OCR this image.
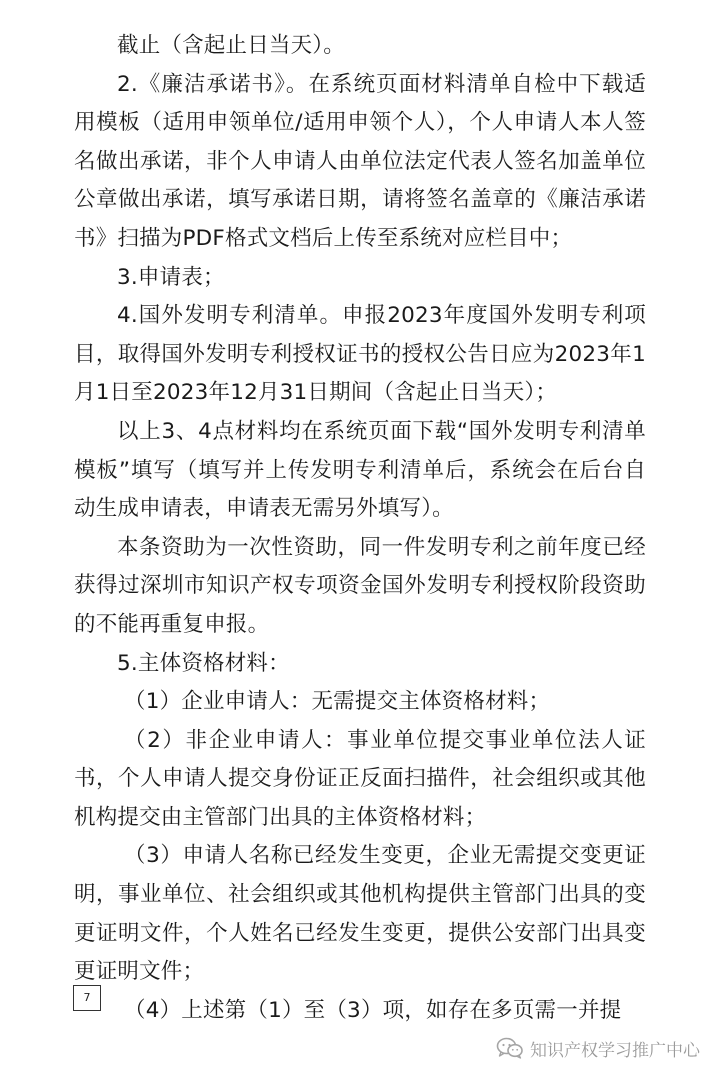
截止（含起止日当天）。

2.《廉洁承诺书》。在系统页面材料清单自检中下载适用模板（适用申领单位/适用申领个人），个人申请人本人签名做出承诺，非个人申请人由单位法定代表人签名加盖单位公章做出承诺，填写承诺日期，请将签名盖章的《廉洁承诺书》扫描为PDF格式文档后上传至系统对应栏目中；

3.申请表；

4.国外发明专利清单。申报2023年度国外发明专利项目，取得国外发明专利授权证书的授权公告日应为2023年1月1日至2023年12月31日期间（含起止日当天）；

以上3、4点材料均在系统页面下载“国外发明专利清单模板”填写（填写并上传发明专利清单后，系统会在后台自动生成申请表，申请表无需另外填写）。

本条资助为一次性资助，同一件发明专利之前年度已经获得过深圳市知识产权专项资金国外发明专利授权阶段资助的不能再重复申报。

5.主体资格材料：

（1）企业申请人：无需提交主体资格材料；

（2）非企业申请人：事业单位提交事业单位法人证书，个人申请人提交身份证正反面扫描件，社会组织或其他机构提交由主管部门出具的主体资格材料；

（3）申请人名称已经发生变更，企业无需提交变更证明，事业单位、社会组织或其他机构提供主管部门出具的变更证明文件，个人姓名已经发生变更，提供公安部门出具变更证明文件；

（4）上述第（1）至（3）项，如存在多页需一并提

7
知识产权学习推广中心
